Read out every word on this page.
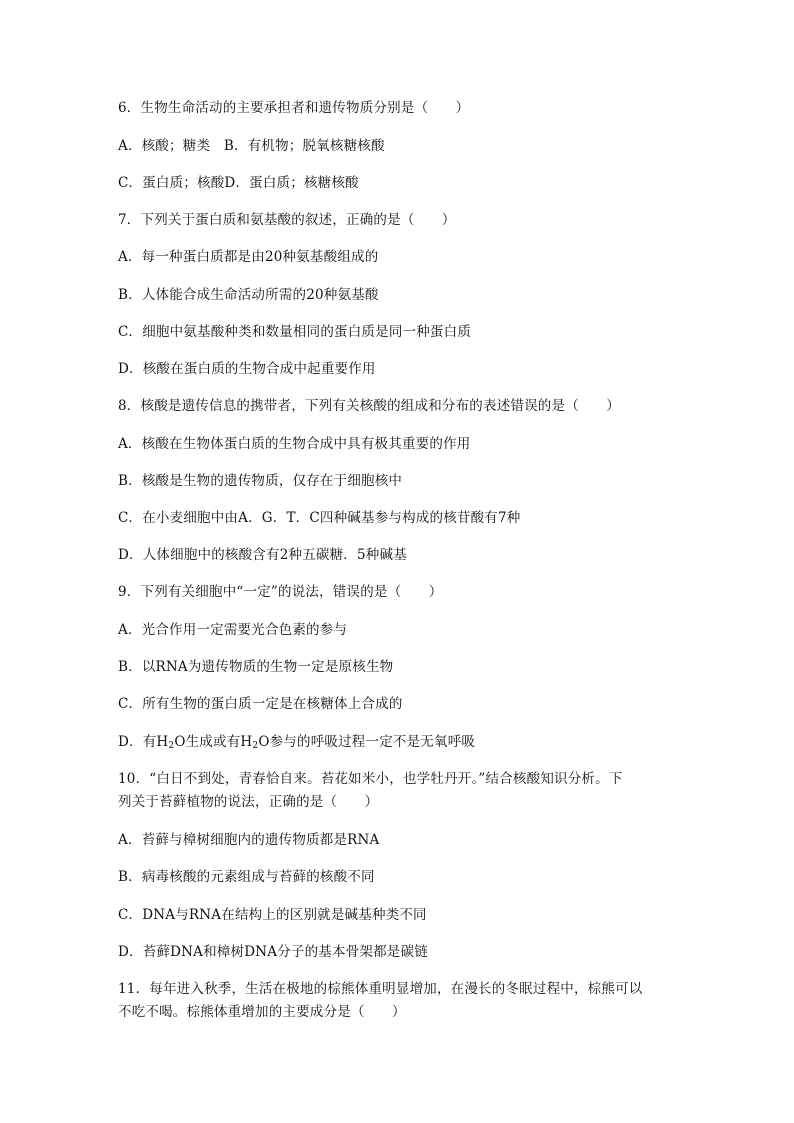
6．生物生命活动的主要承担者和遗传物质分别是（　　）
A．核酸；糖类　B．有机物；脱氧核糖核酸
C．蛋白质；核酸D．蛋白质；核糖核酸
7．下列关于蛋白质和氨基酸的叙述，正确的是（　　）
A．每一种蛋白质都是由20种氨基酸组成的
B．人体能合成生命活动所需的20种氨基酸
C．细胞中氨基酸种类和数量相同的蛋白质是同一种蛋白质
D．核酸在蛋白质的生物合成中起重要作用
8．核酸是遗传信息的携带者，下列有关核酸的组成和分布的表述错误的是（　　）
A．核酸在生物体蛋白质的生物合成中具有极其重要的作用
B．核酸是生物的遗传物质，仅存在于细胞核中
C．在小麦细胞中由A．G．T．C四种碱基参与构成的核苷酸有7种
D．人体细胞中的核酸含有2种五碳糖．5种碱基
9．下列有关细胞中“一定”的说法，错误的是（　　）
A．光合作用一定需要光合色素的参与
B．以RNA为遗传物质的生物一定是原核生物
C．所有生物的蛋白质一定是在核糖体上合成的
D．有$H_2O$生成或有$H_2O$参与的呼吸过程一定不是无氧呼吸
10．“白日不到处，青春恰自来。苔花如米小，也学牡丹开。”结合核酸知识分析。下
列关于苔藓植物的说法，正确的是（　　）
A．苔藓与樟树细胞内的遗传物质都是RNA
B．病毒核酸的元素组成与苔藓的核酸不同
C．DNA与RNA在结构上的区别就是碱基种类不同
D．苔藓DNA和樟树DNA分子的基本骨架都是碳链
11．每年进入秋季，生活在极地的棕熊体重明显增加，在漫长的冬眠过程中，棕熊可以
不吃不喝。棕熊体重增加的主要成分是（　　）
